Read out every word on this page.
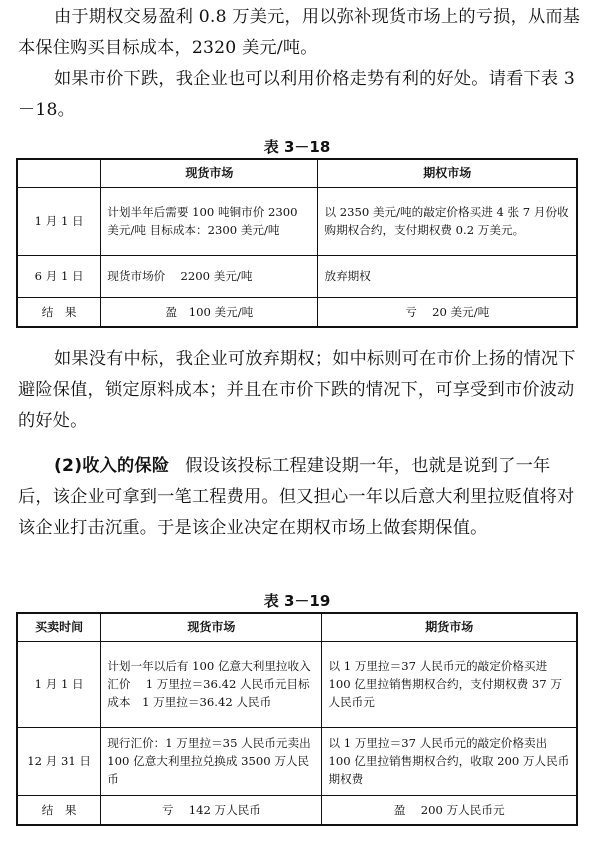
由于期权交易盈利 0.8 万美元，用以弥补现货市场上的亏损，从而基本保住购买目标成本，2320 美元/吨。

如果市价下跌，我企业也可以利用价格走势有利的好处。请看下表 3－18。

表 3－18

	现货市场	期权市场
1 月 1 日	计划半年后需要 100 吨铜市价 2300 美元/吨 目标成本：2300 美元/吨	以 2350 美元/吨的敲定价格买进 4 张 7 月份收购期权合约，支付期权费 0.2 万美元。
6 月 1 日	现货市场价　 2200 美元/吨	放弃期权
结　果	盈　100 美元/吨	亏　 20 美元/吨

如果没有中标，我企业可放弃期权；如中标则可在市价上扬的情况下避险保值，锁定原料成本；并且在市价下跌的情况下，可享受到市价波动的好处。

(2)收入的保险 假设该投标工程建设期一年，也就是说到了一年后，该企业可拿到一笔工程费用。但又担心一年以后意大利里拉贬值将对该企业打击沉重。于是该企业决定在期权市场上做套期保值。

表 3－19

买卖时间	现货市场	期货市场
1 月 1 日	计划一年以后有 100 亿意大利里拉收入汇价　 1 万里拉＝36.42 人民币元目标成本　1 万里拉＝36.42 人民币	以 1 万里拉＝37 人民币元的敲定价格买进 100 亿里拉销售期权合约，支付期权费 37 万人民币元
12 月 31 日	现行汇价：1 万里拉＝35 人民币元卖出 100 亿意大利里拉兑换成 3500 万人民币	以 1 万里拉＝37 人民币元的敲定价格卖出 100 亿里拉销售期权合约，收取 200 万人民币期权费
结　果	亏　 142 万人民币	盈　 200 万人民币元
